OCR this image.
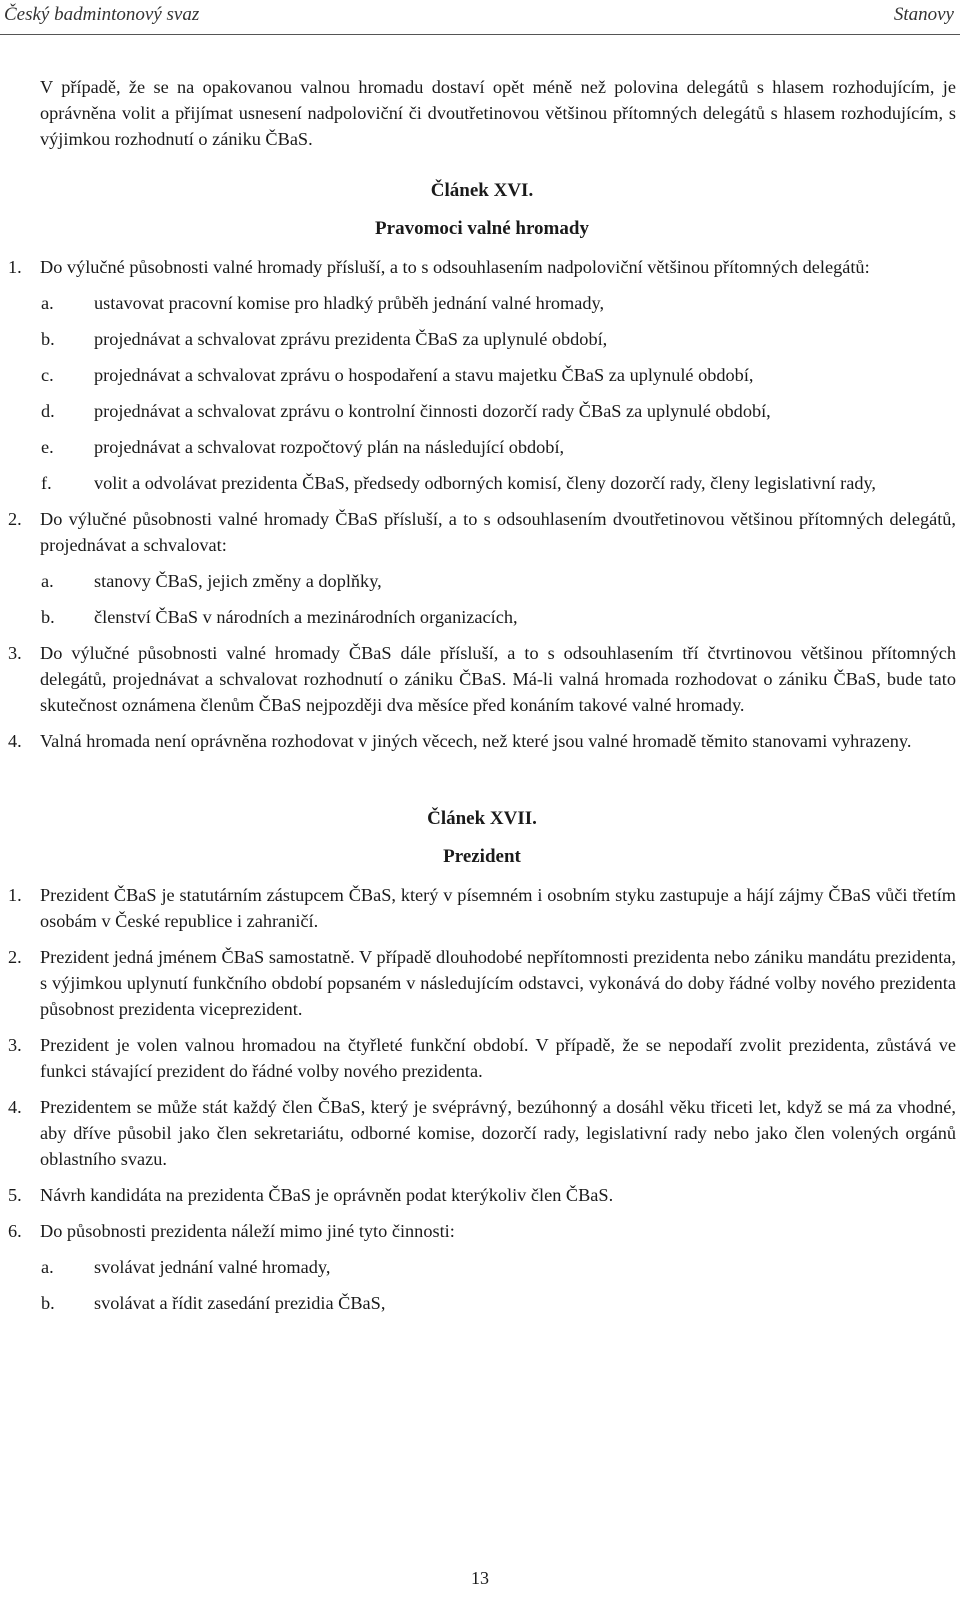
Český badmintonový svaz	Stanovy

V případě, že se na opakovanou valnou hromadu dostaví opět méně než polovina delegátů s hlasem rozhodujícím, je oprávněna volit a přijímat usnesení nadpoloviční či dvoutřetinovou většinou přítomných delegátů s hlasem rozhodujícím, s výjimkou rozhodnutí o zániku ČBaS.

Článek XVI.

Pravomoci valné hromady

1. Do výlučné působnosti valné hromady přísluší, a to s odsouhlasením nadpoloviční většinou přítomných delegátů:

a. ustavovat pracovní komise pro hladký průběh jednání valné hromady,

b. projednávat a schvalovat zprávu prezidenta ČBaS za uplynulé období,

c. projednávat a schvalovat zprávu o hospodaření a stavu majetku ČBaS za uplynulé období,

d. projednávat a schvalovat zprávu o kontrolní činnosti dozorčí rady ČBaS za uplynulé období,

e. projednávat a schvalovat rozpočtový plán na následující období,

f. volit a odvolávat prezidenta ČBaS, předsedy odborných komisí, členy dozorčí rady, členy legislativní rady,

2. Do výlučné působnosti valné hromady ČBaS přísluší, a to s odsouhlasením dvoutřetinovou většinou přítomných delegátů, projednávat a schvalovat:

a. stanovy ČBaS, jejich změny a doplňky,

b. členství ČBaS v národních a mezinárodních organizacích,

3. Do výlučné působnosti valné hromady ČBaS dále přísluší, a to s odsouhlasením tří čtvrtinovou většinou přítomných delegátů, projednávat a schvalovat rozhodnutí o zániku ČBaS. Má-li valná hromada rozhodovat o zániku ČBaS, bude tato skutečnost oznámena členům ČBaS nejpozději dva měsíce před konáním takové valné hromady.

4. Valná hromada není oprávněna rozhodovat v jiných věcech, než které jsou valné hromadě těmito stanovami vyhrazeny.

Článek XVII.

Prezident

1. Prezident ČBaS je statutárním zástupcem ČBaS, který v písemném i osobním styku zastupuje a hájí zájmy ČBaS vůči třetím osobám v České republice i zahraničí.

2. Prezident jedná jménem ČBaS samostatně. V případě dlouhodobé nepřítomnosti prezidenta nebo zániku mandátu prezidenta, s výjimkou uplynutí funkčního období popsaném v následujícím odstavci, vykonává do doby řádné volby nového prezidenta působnost prezidenta viceprezident.

3. Prezident je volen valnou hromadou na čtyřleté funkční období. V případě, že se nepodaří zvolit prezidenta, zůstává ve funkci stávající prezident do řádné volby nového prezidenta.

4. Prezidentem se může stát každý člen ČBaS, který je svéprávný, bezúhonný a dosáhl věku třiceti let, když se má za vhodné, aby dříve působil jako člen sekretariátu, odborné komise, dozorčí rady, legislativní rady nebo jako člen volených orgánů oblastního svazu.

5. Návrh kandidáta na prezidenta ČBaS je oprávněn podat kterýkoliv člen ČBaS.

6. Do působnosti prezidenta náleží mimo jiné tyto činnosti:

a. svolávat jednání valné hromady,

b. svolávat a řídit zasedání prezidia ČBaS,

13
